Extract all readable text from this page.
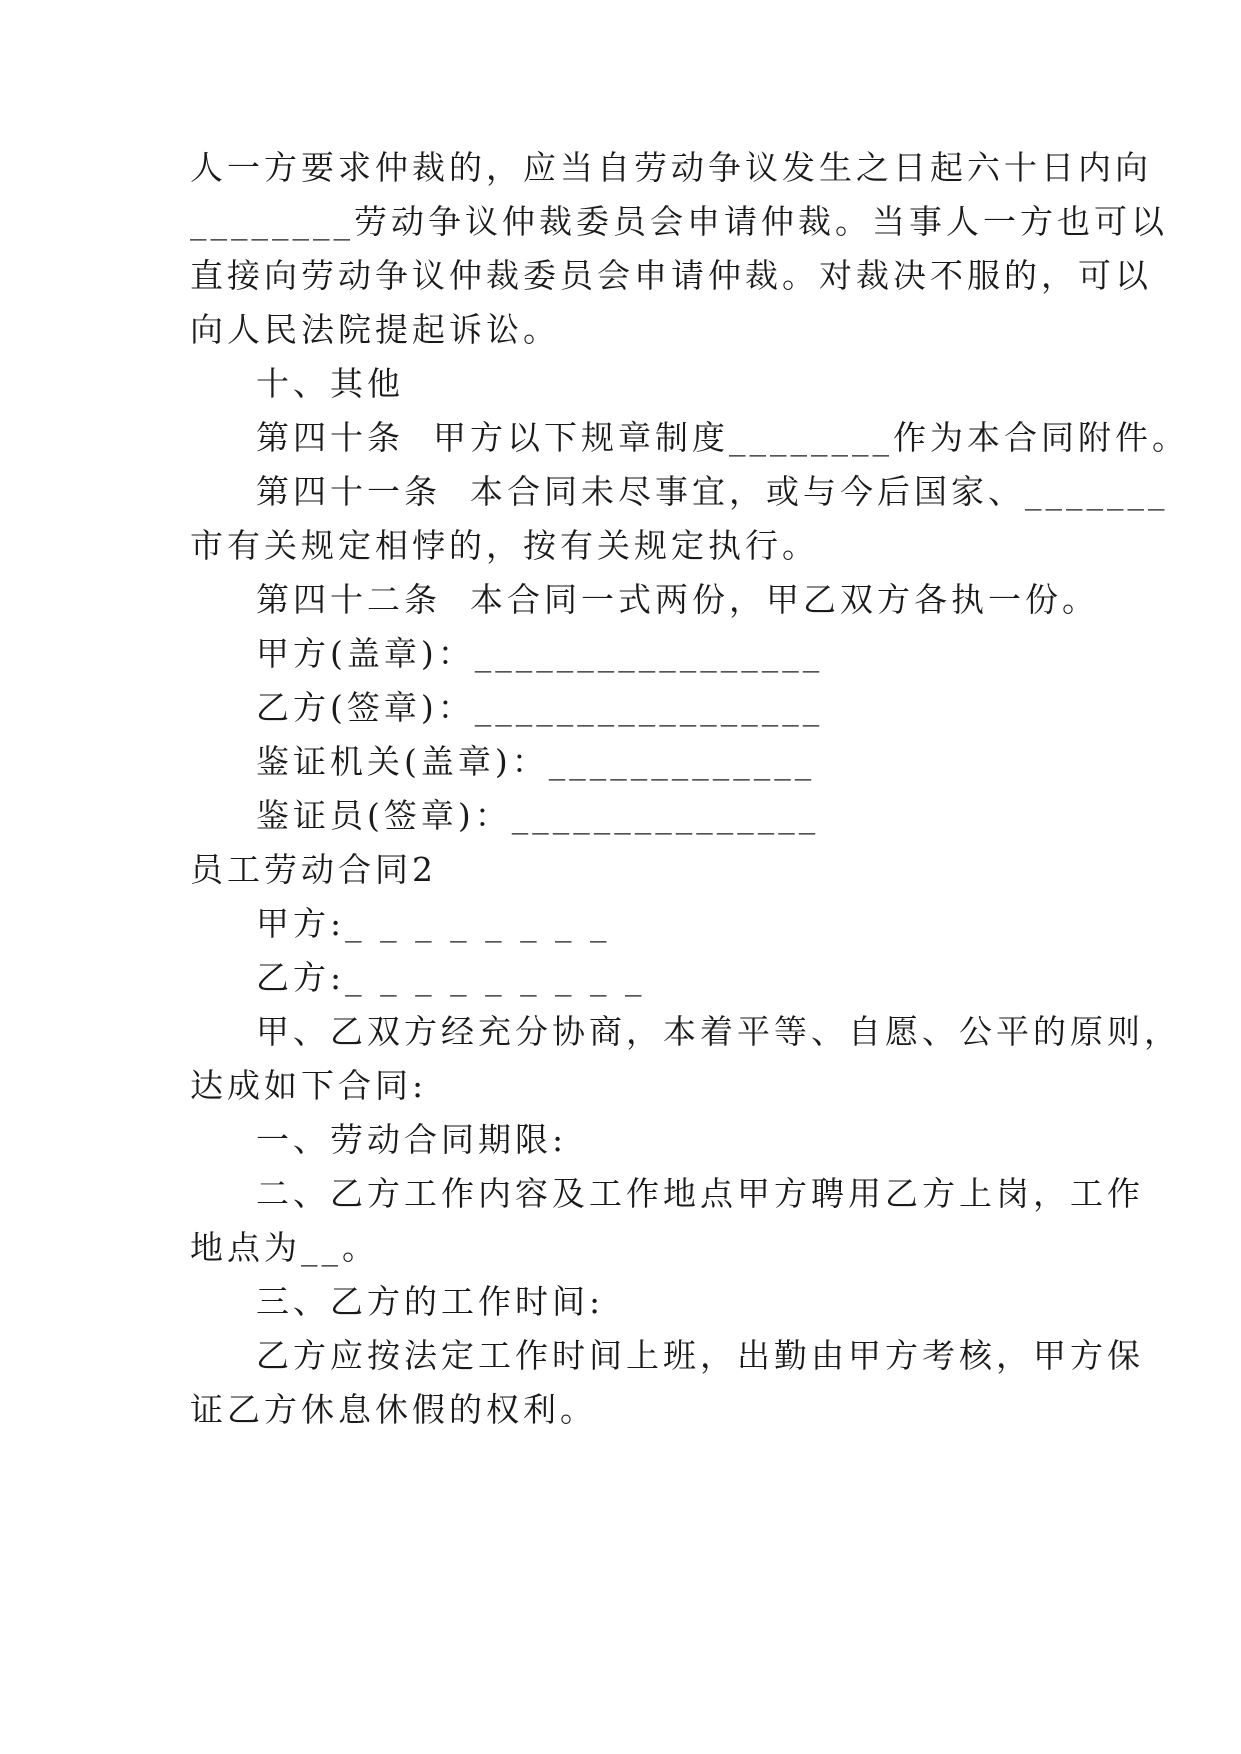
人一方要求仲裁的，应当自劳动争议发生之日起六十日内向
________劳动争议仲裁委员会申请仲裁。当事人一方也可以
直接向劳动争议仲裁委员会申请仲裁。对裁决不服的，可以
向人民法院提起诉讼。
十、其他
第四十条  甲方以下规章制度________作为本合同附件。
第四十一条  本合同未尽事宜，或与今后国家、_______
市有关规定相悖的，按有关规定执行。
第四十二条  本合同一式两份，甲乙双方各执一份。
甲方(盖章)：_________________
乙方(签章)：_________________
鉴证机关(盖章)：_____________
鉴证员(签章)：_______________
员工劳动合同2
甲方:_ _ _ _ _ _ _ _
乙方:_ _ _ _ _ _ _ _ _
甲、乙双方经充分协商，本着平等、自愿、公平的原则，
达成如下合同:
一、劳动合同期限:
二、乙方工作内容及工作地点甲方聘用乙方上岗，工作
地点为__。
三、乙方的工作时间:
乙方应按法定工作时间上班，出勤由甲方考核，甲方保
证乙方休息休假的权利。
